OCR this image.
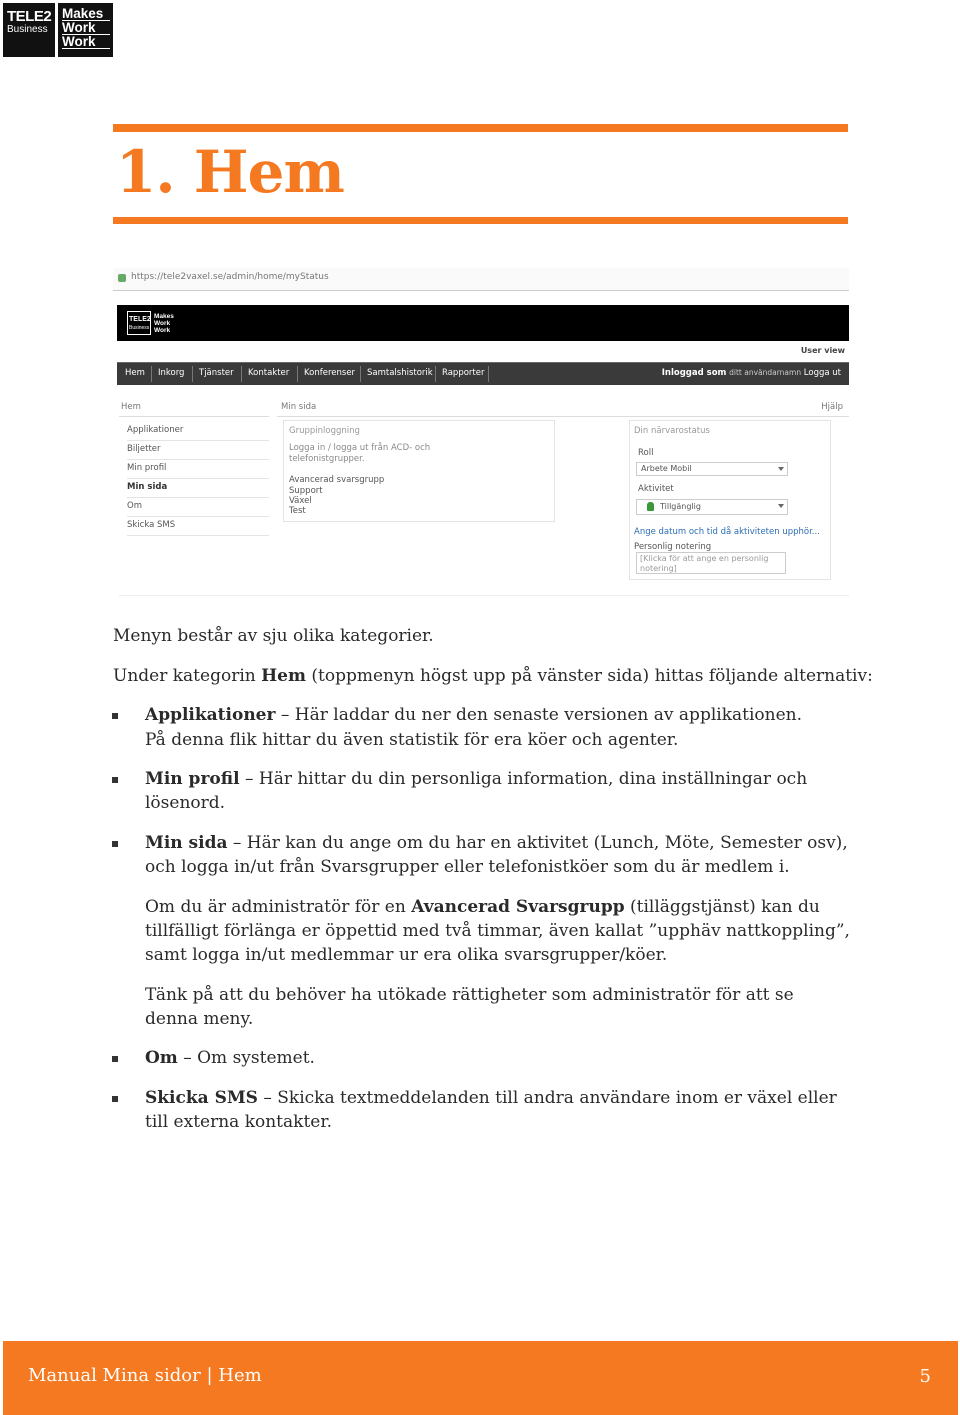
TELE2
Business
Makes
Work
Work
1. Hem
https://tele2vaxel.se/admin/home/myStatus
TELE2
Business
Makes
Work
Work
User view
Hem Inkorg Tjänster Kontakter Konferenser Samtalshistorik Rapporter	Inloggad som ditt användarnamn Logga ut
Hem	Min sida	Hjälp
Applikationer
Biljetter
Min profil
Min sida
Om
Skicka SMS
Gruppinloggning
Logga in / logga ut från ACD- och telefonistgrupper.
Avancerad svarsgrupp
Support
Växel
Test
Din närvarostatus
Roll
Arbete Mobil
Aktivitet
Tillgänglig
Ange datum och tid då aktiviteten upphör...
Personlig notering
[Klicka för att ange en personlig notering]

Menyn består av sju olika kategorier.

Under kategorin Hem (toppmenyn högst upp på vänster sida) hittas följande alternativ:

Applikationer – Här laddar du ner den senaste versionen av applikationen.

På denna flik hittar du även statistik för era köer och agenter.

Min profil – Här hittar du din personliga information, dina inställningar och

lösenord.

Min sida – Här kan du ange om du har en aktivitet (Lunch, Möte, Semester osv),

och logga in/ut från Svarsgrupper eller telefonistköer som du är medlem i.

Om du är administratör för en Avancerad Svarsgrupp (tilläggstjänst) kan du

tillfälligt förlänga er öppettid med två timmar, även kallat ”upphäv nattkoppling”,

samt logga in/ut medlemmar ur era olika svarsgrupper/köer.

Tänk på att du behöver ha utökade rättigheter som administratör för att se

denna meny.

Om – Om systemet.

Skicka SMS – Skicka textmeddelanden till andra användare inom er växel eller

till externa kontakter.

Manual Mina sidor | Hem	5
